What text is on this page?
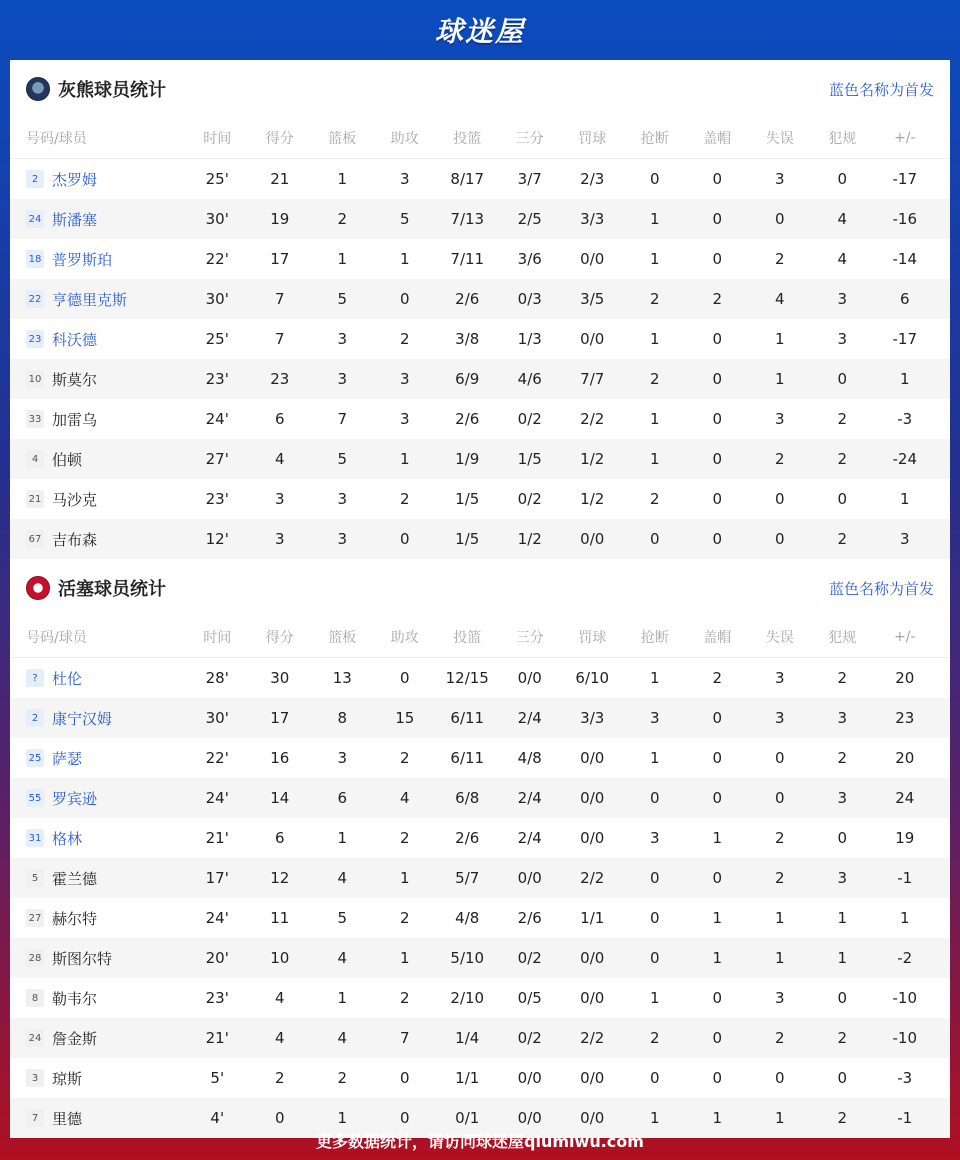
球迷屋
灰熊球员统计	蓝色名称为首发
号码/球员	时间	得分	篮板	助攻	投篮	三分	罚球	抢断	盖帽	失误	犯规	+/-
2 杰罗姆	25'	21	1	3	8/17	3/7	2/3	0	0	3	0	-17
24 斯潘塞	30'	19	2	5	7/13	2/5	3/3	1	0	0	4	-16
18 普罗斯珀	22'	17	1	1	7/11	3/6	0/0	1	0	2	4	-14
22 亨德里克斯	30'	7	5	0	2/6	0/3	3/5	2	2	4	3	6
23 科沃德	25'	7	3	2	3/8	1/3	0/0	1	0	1	3	-17
10 斯莫尔	23'	23	3	3	6/9	4/6	7/7	2	0	1	0	1
33 加雷乌	24'	6	7	3	2/6	0/2	2/2	1	0	3	2	-3
4 伯顿	27'	4	5	1	1/9	1/5	1/2	1	0	2	2	-24
21 马沙克	23'	3	3	2	1/5	0/2	1/2	2	0	0	0	1
67 吉布森	12'	3	3	0	1/5	1/2	0/0	0	0	0	2	3
活塞球员统计	蓝色名称为首发
号码/球员	时间	得分	篮板	助攻	投篮	三分	罚球	抢断	盖帽	失误	犯规	+/-
? 杜伦	28'	30	13	0	12/15	0/0	6/10	1	2	3	2	20
2 康宁汉姆	30'	17	8	15	6/11	2/4	3/3	3	0	3	3	23
25 萨瑟	22'	16	3	2	6/11	4/8	0/0	1	0	0	2	20
55 罗宾逊	24'	14	6	4	6/8	2/4	0/0	0	0	0	3	24
31 格林	21'	6	1	2	2/6	2/4	0/0	3	1	2	0	19
5 霍兰德	17'	12	4	1	5/7	0/0	2/2	0	0	2	3	-1
27 赫尔特	24'	11	5	2	4/8	2/6	1/1	0	1	1	1	1
28 斯图尔特	20'	10	4	1	5/10	0/2	0/0	0	1	1	1	-2
8 勒韦尔	23'	4	1	2	2/10	0/5	0/0	1	0	3	0	-10
24 詹金斯	21'	4	4	7	1/4	0/2	2/2	2	0	2	2	-10
3 琼斯	5'	2	2	0	1/1	0/0	0/0	0	0	0	0	-3
7 里德	4'	0	1	0	0/1	0/0	0/0	1	1	1	2	-1
更多数据统计，请访问球迷屋qiumiwu.com
